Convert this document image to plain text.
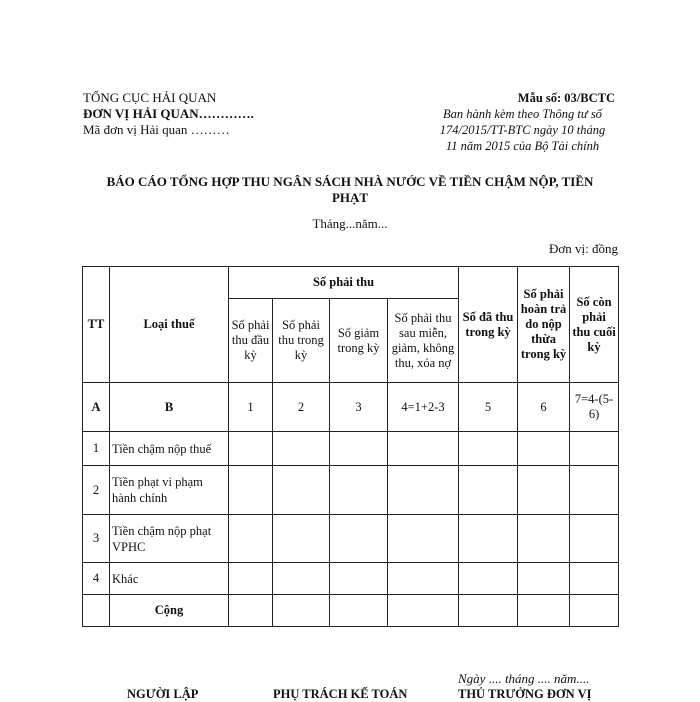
TỔNG CỤC HẢI QUAN
ĐƠN VỊ HẢI QUAN………….
Mã đơn vị Hải quan ………
Mẫu số: 03/BCTC
Ban hành kèm theo Thông tư số
174/2015/TT-BTC ngày 10 tháng
11 năm 2015 của Bộ Tài chính
BÁO CÁO TỔNG HỢP THU NGÂN SÁCH NHÀ NƯỚC VỀ TIỀN CHẬM NỘP, TIỀN
PHẠT
Tháng...năm...
Đơn vị: đồng
TT	Loại thuế	Số phải thu				Số đã thu trong kỳ	Số phải hoàn trả do nộp thừa trong kỳ	Số còn phải thu cuối kỳ
		Số phải thu đầu kỳ	Số phải thu trong kỳ	Số giảm trong kỳ	Số phải thu sau miễn, giảm, không thu, xóa nợ			
A	B	1	2	3	4=1+2-3	5	6	7=4-(5-6)
1	Tiền chậm nộp thuế							
2	Tiền phạt vi phạm hành chính							
3	Tiền chậm nộp phạt VPHC							
4	Khác							
	Cộng							
Ngày .... tháng .... năm....
NGƯỜI LẬP	PHỤ TRÁCH KẾ TOÁN	THỦ TRƯỞNG ĐƠN VỊ
